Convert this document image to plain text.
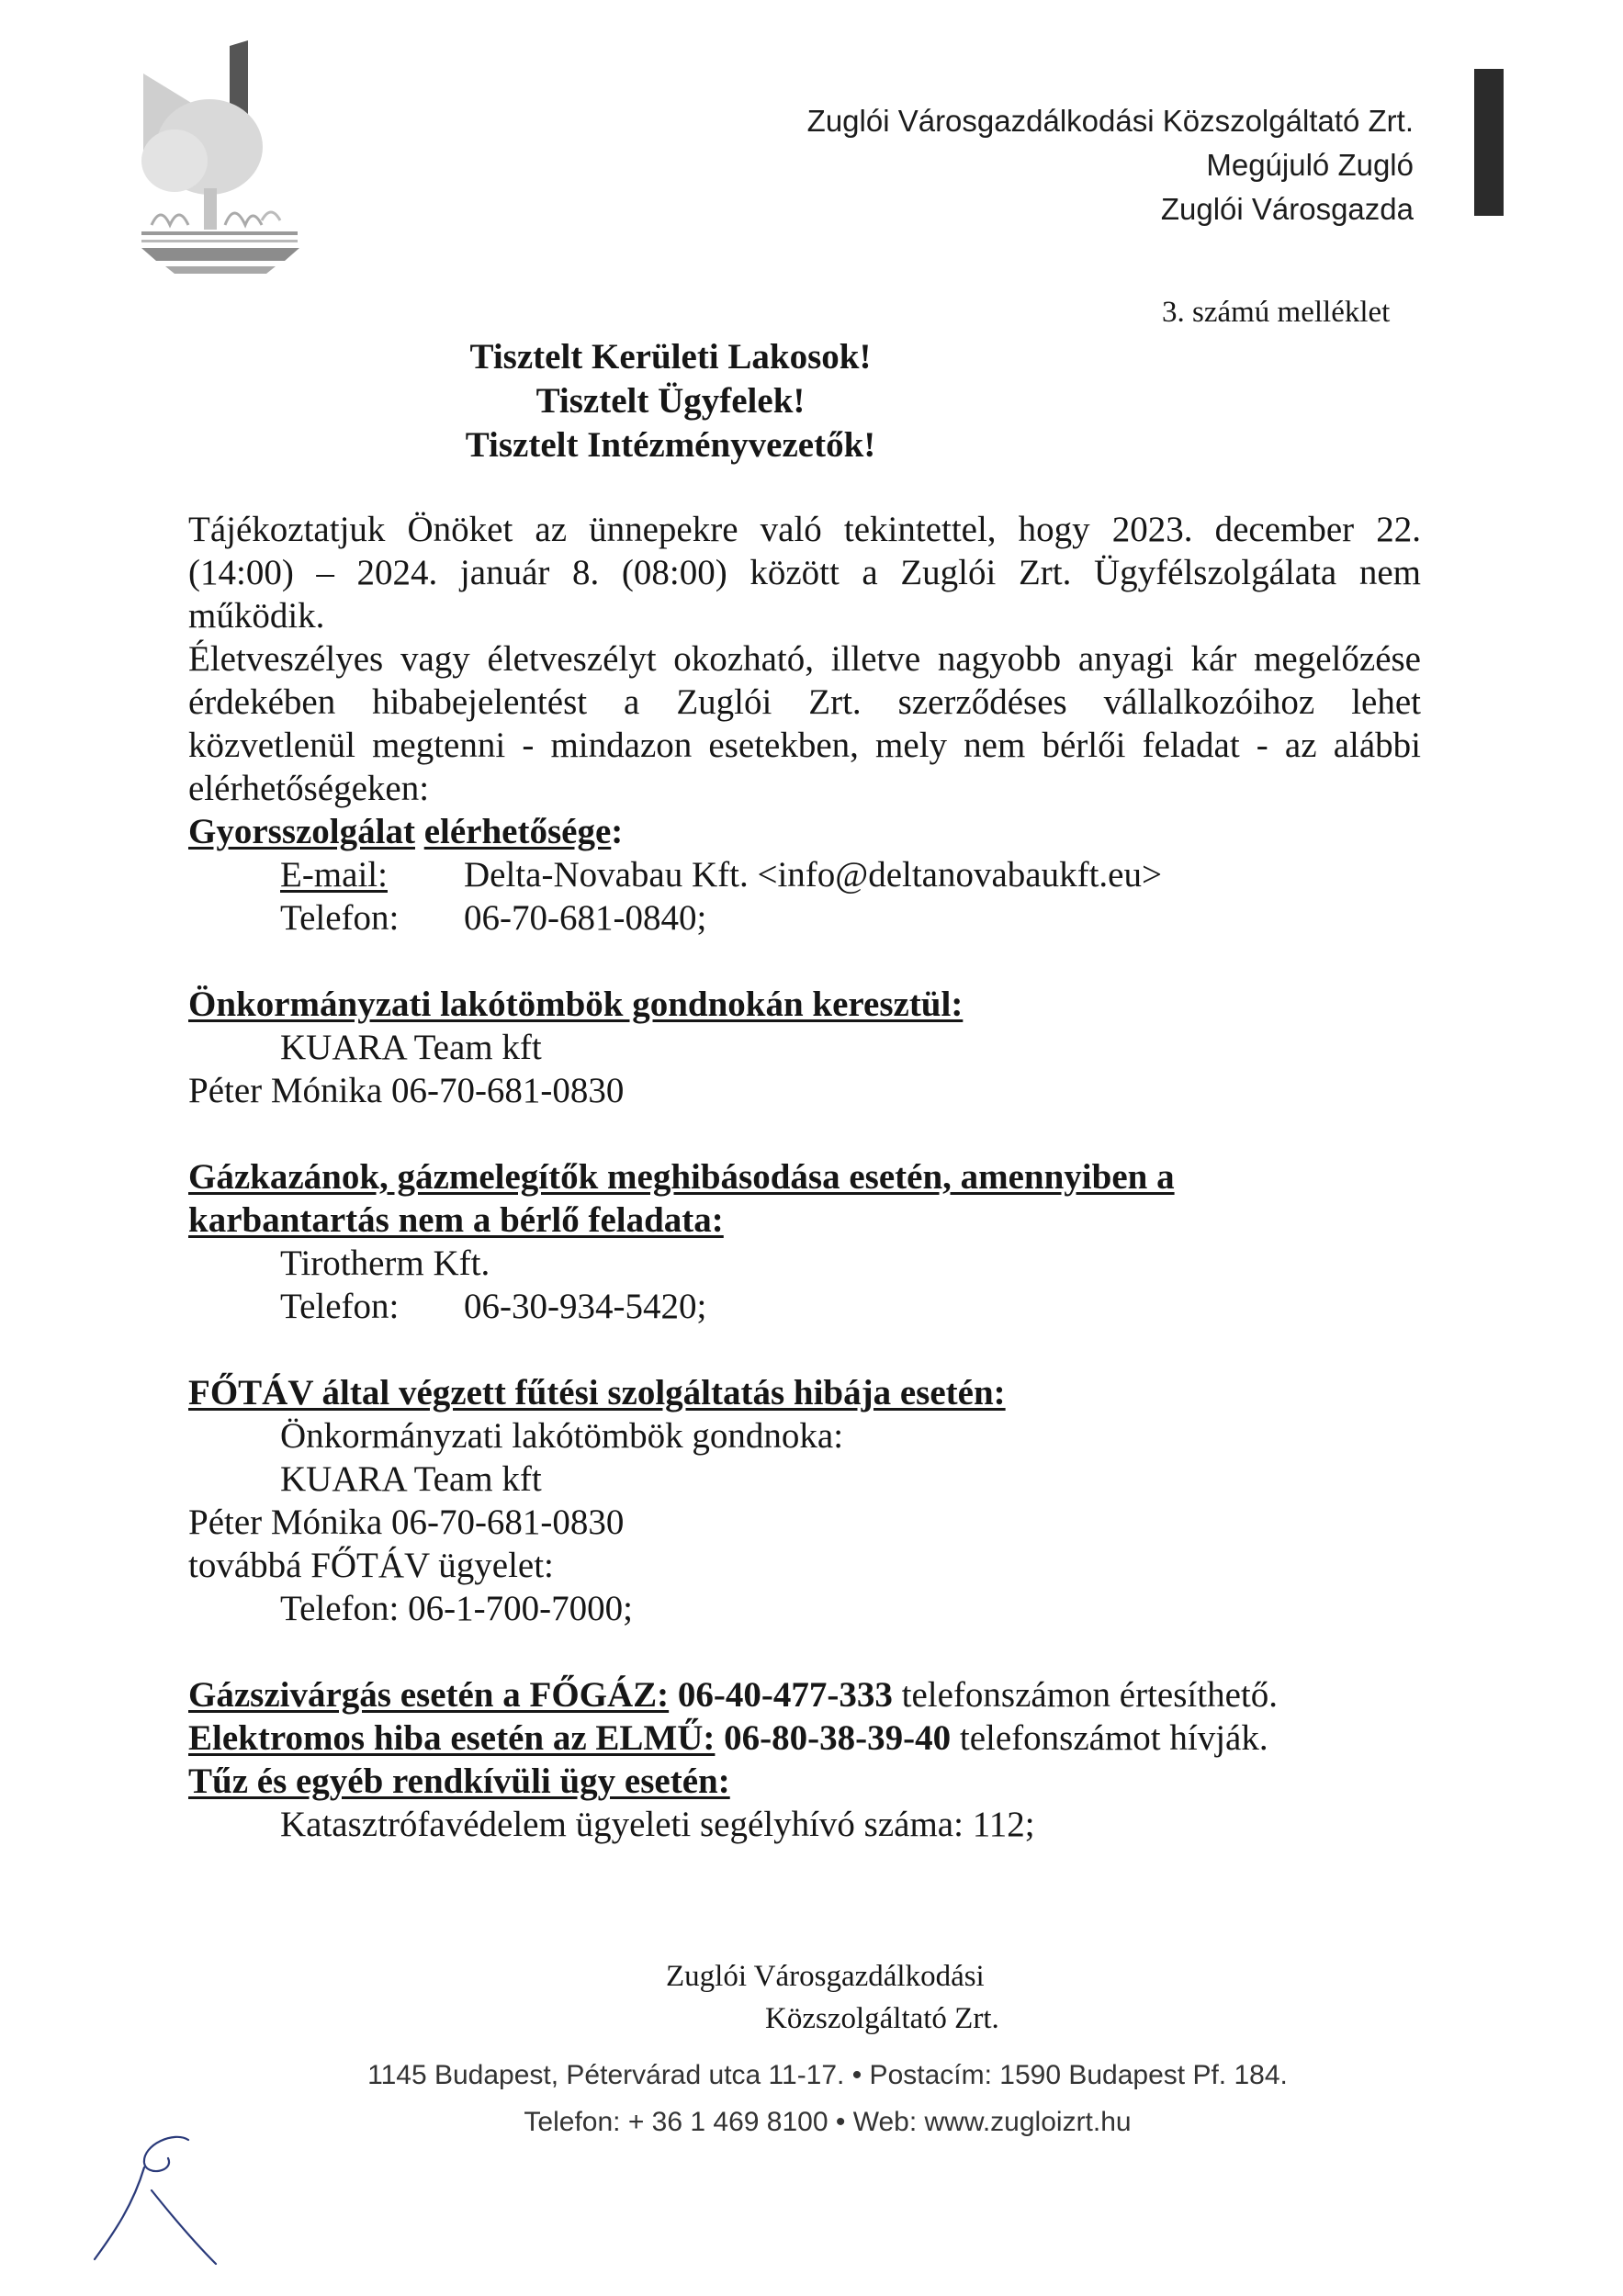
Zuglói Városgazdálkodási Közszolgáltató Zrt.
Megújuló Zugló
Zuglói Városgazda
3. számú melléklet
Tisztelt Kerületi Lakosok!
Tisztelt Ügyfelek!
Tisztelt Intézményvezetők!
Tájékoztatjuk Önöket az ünnepekre való tekintettel, hogy 2023. december 22.
(14:00) – 2024. január 8. (08:00) között a Zuglói Zrt. Ügyfélszolgálata nem
működik.
Életveszélyes vagy életveszélyt okozható, illetve nagyobb anyagi kár megelőzése
érdekében hibabejelentést a Zuglói Zrt. szerződéses vállalkozóihoz lehet
közvetlenül megtenni - mindazon esetekben, mely nem bérlői feladat - az alábbi
elérhetőségeken:
Gyorsszolgálat elérhetősége:
E-mail: Delta-Novabau Kft. <info@deltanovabaukft.eu>
Telefon: 06-70-681-0840;
Önkormányzati lakótömbök gondnokán keresztül:
KUARA Team kft
Péter Mónika 06-70-681-0830
Gázkazánok, gázmelegítők meghibásodása esetén, amennyiben a
karbantartás nem a bérlő feladata:
Tirotherm Kft.
Telefon: 06-30-934-5420;
FŐTÁV által végzett fűtési szolgáltatás hibája esetén:
Önkormányzati lakótömbök gondnoka:
KUARA Team kft
Péter Mónika 06-70-681-0830
továbbá FŐTÁV ügyelet:
Telefon: 06-1-700-7000;
Gázszivárgás esetén a FŐGÁZ: 06-40-477-333 telefonszámon értesíthető.
Elektromos hiba esetén az ELMŰ: 06-80-38-39-40 telefonszámot hívják.
Tűz és egyéb rendkívüli ügy esetén:
Katasztrófavédelem ügyeleti segélyhívó száma: 112;
Zuglói Városgazdálkodási
Közszolgáltató Zrt.
1145 Budapest, Pétervárad utca 11-17. • Postacím: 1590 Budapest Pf. 184.
Telefon: + 36 1 469 8100 • Web: www.zugloizrt.hu
